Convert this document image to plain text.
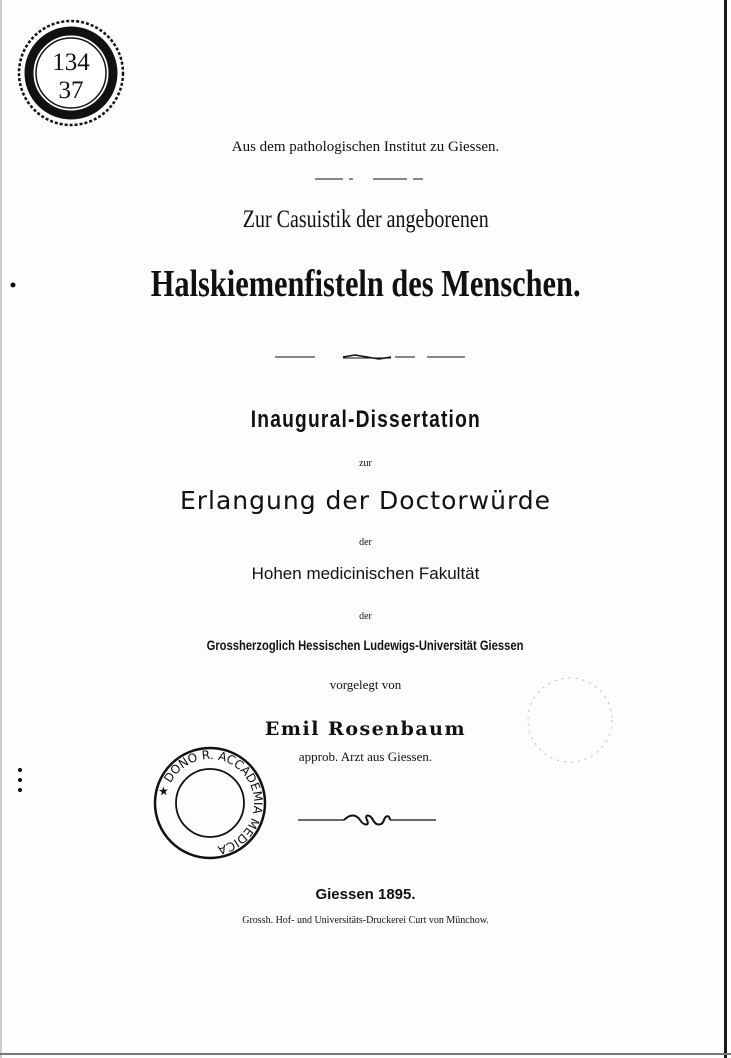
134
37
Aus dem pathologischen Institut zu Giessen.
Zur Casuistik der angeborenen
Halskiemenfisteln des Menschen.
Inaugural-Dissertation
zur
Erlangung der Doctorwürde
der
Hohen medicinischen Fakultät
der
Grossherzoglich Hessischen Ludewigs-Universität Giessen
vorgelegt von
Emil Rosenbaum
approb. Arzt aus Giessen.
★ DONO R. ACCADEMIA MEDICA
Giessen 1895.
Grossh. Hof- und Universitäts-Druckerei Curt von Münchow.
